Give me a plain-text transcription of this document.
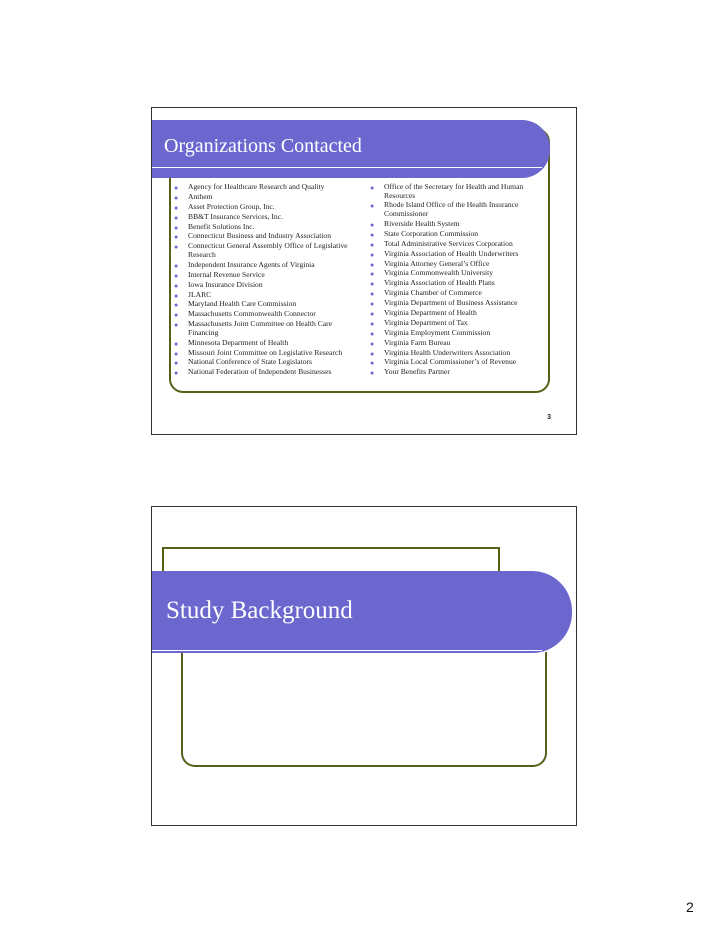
Organizations Contacted
● Agency for Healthcare Research and Quality
● Anthem
● Asset Protection Group, Inc.
● BB&T Insurance Services, Inc.
● Benefit Solutions Inc.
● Connecticut Business and Industry Association
● Connecticut General Assembly Office of Legislative Research
● Independent Insurance Agents of Virginia
● Internal Revenue Service
● Iowa Insurance Division
● JLARC
● Maryland Health Care Commission
● Massachusetts Commonwealth Connector
● Massachusetts Joint Committee on Health Care Financing
● Minnesota Department of Health
● Missouri Joint Committee on Legislative Research
● National Conference of State Legislators
● National Federation of Independent Businesses
● Office of the Secretary for Health and Human Resources
● Rhode Island Office of the Health Insurance Commissioner
● Riverside Health System
● State Corporation Commission
● Total Administrative Services Corporation
● Virginia Association of Health Underwriters
● Virginia Attorney General’s Office
● Virginia Commonwealth University
● Virginia Association of Health Plans
● Virginia Chamber of Commerce
● Virginia Department of Business Assistance
● Virginia Department of Health
● Virginia Department of Tax
● Virginia Employment Commission
● Virginia Farm Bureau
● Virginia Health Underwriters Association
● Virginia Local Commissioner’s of Revenue
● Your Benefits Partner
3
Study Background
2
